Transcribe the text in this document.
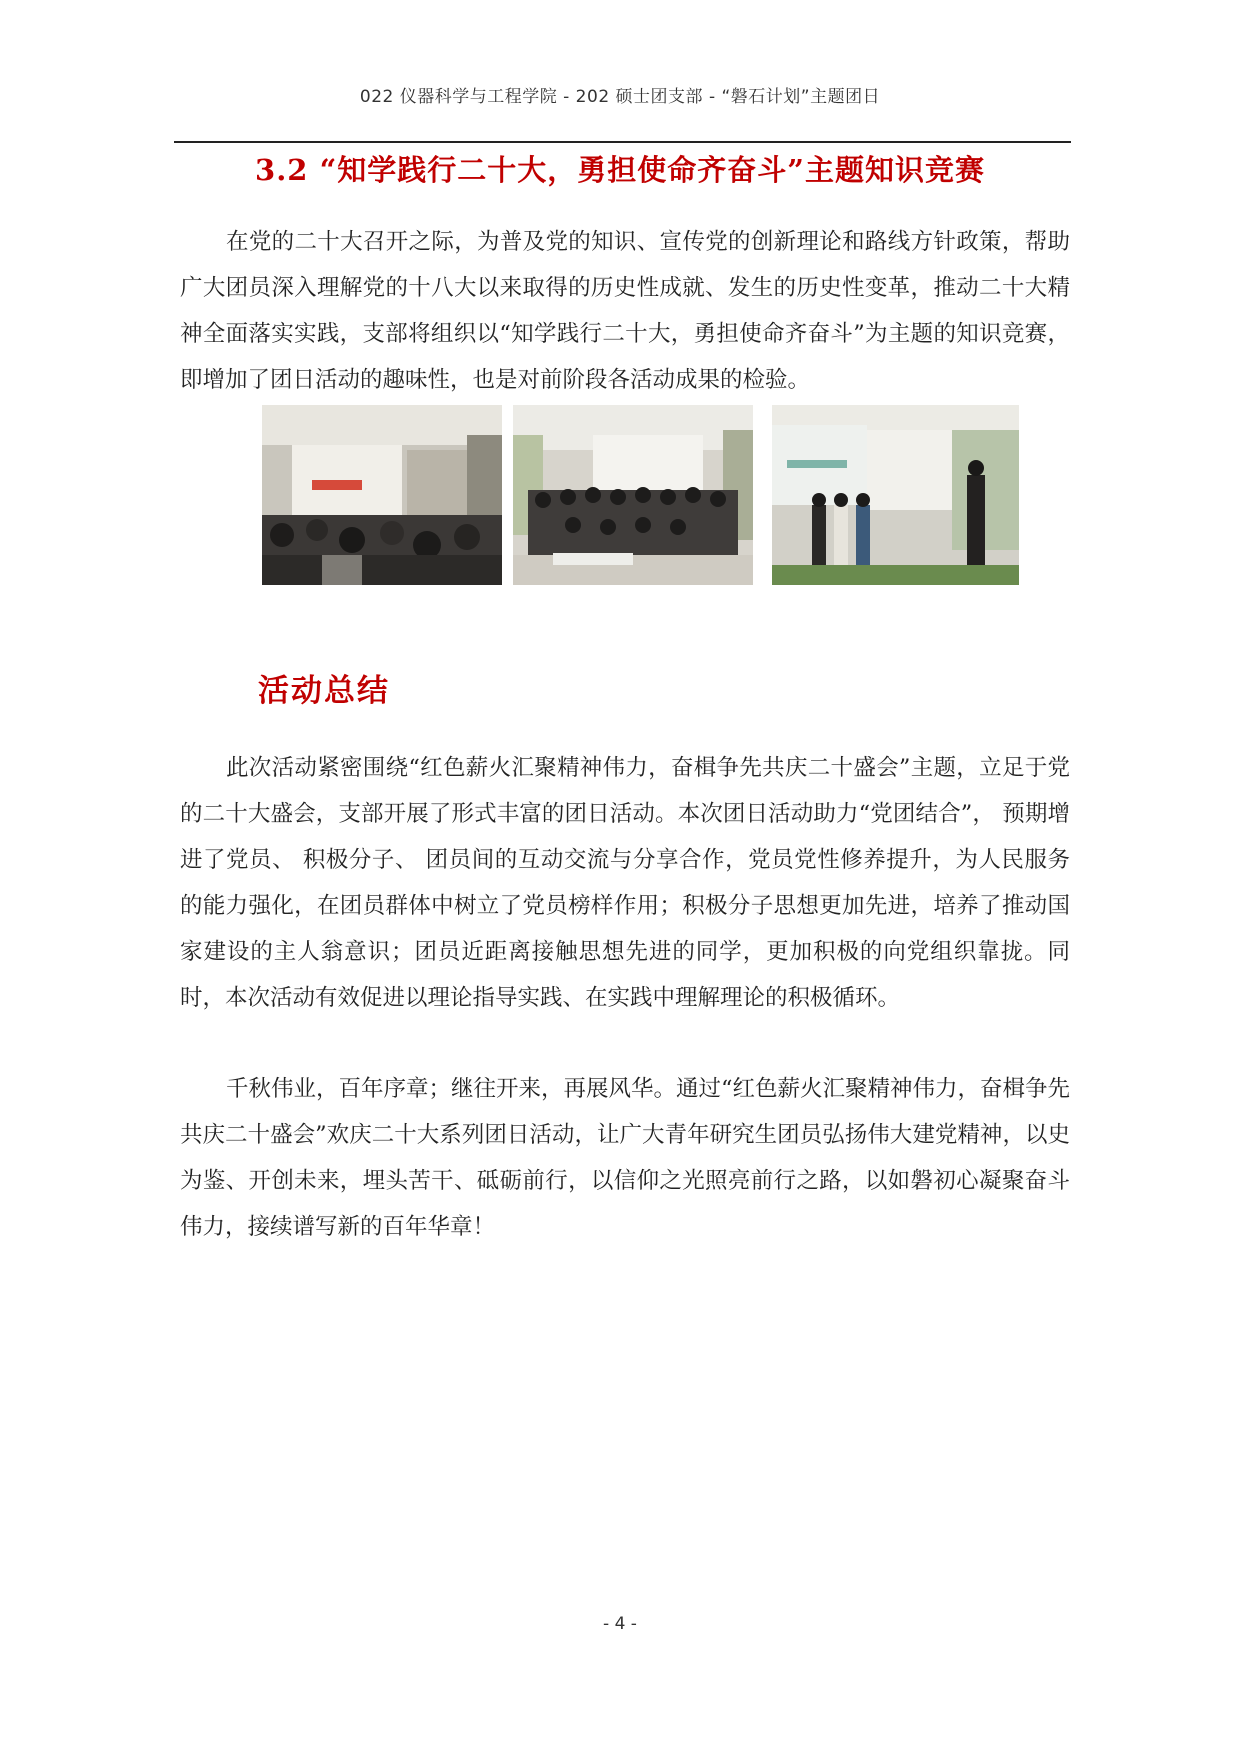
022 仪器科学与工程学院 - 202 硕士团支部 - “磐石计划”主题团日
3.2 “知学践行二十大，勇担使命齐奋斗”主题知识竞赛

在党的二十大召开之际，为普及党的知识、宣传党的创新理论和路线方针政策，帮助广大团员深入理解党的十八大以来取得的历史性成就、发生的历史性变革，推动二十大精神全面落实实践，支部将组织以“知学践行二十大，勇担使命齐奋斗”为主题的知识竞赛，即增加了团日活动的趣味性，也是对前阶段各活动成果的检验。

活动总结

此次活动紧密围绕“红色薪火汇聚精神伟力，奋楫争先共庆二十盛会”主题，立足于党的二十大盛会，支部开展了形式丰富的团日活动。本次团日活动助力“党团结合”， 预期增进了党员、 积极分子、 团员间的互动交流与分享合作，党员党性修养提升，为人民服务的能力强化，在团员群体中树立了党员榜样作用；积极分子思想更加先进，培养了推动国家建设的主人翁意识；团员近距离接触思想先进的同学，更加积极的向党组织靠拢。同时，本次活动有效促进以理论指导实践、在实践中理解理论的积极循环。

千秋伟业，百年序章；继往开来，再展风华。通过“红色薪火汇聚精神伟力，奋楫争先共庆二十盛会”欢庆二十大系列团日活动，让广大青年研究生团员弘扬伟大建党精神，以史为鉴、开创未来，埋头苦干、砥砺前行，以信仰之光照亮前行之路，以如磐初心凝聚奋斗伟力，接续谱写新的百年华章！

- 4 -
